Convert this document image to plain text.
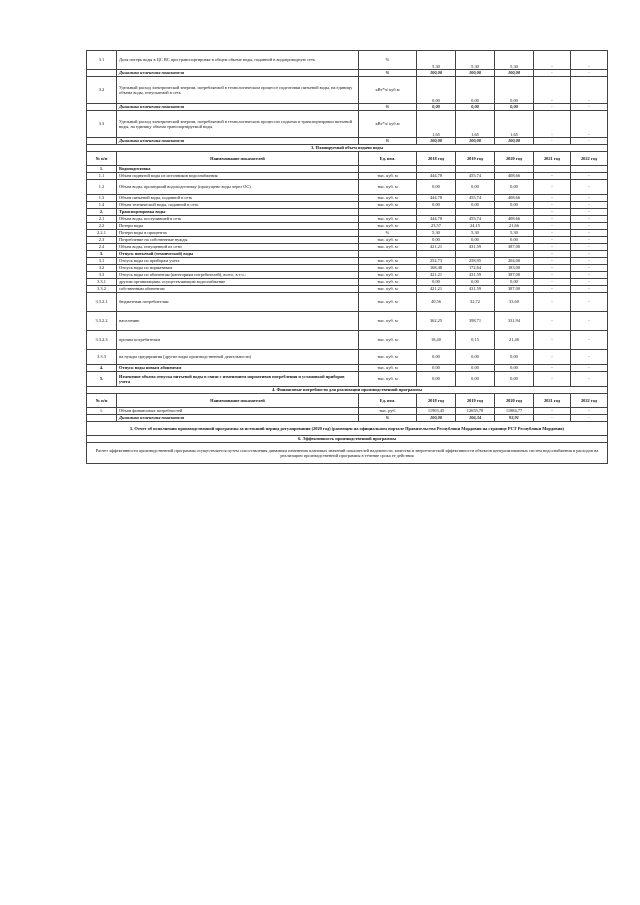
3.1	Доля потерь воды в ЦС ВС при транспортировке в общем объеме воды, поданной в водопроводную сеть	%	5,30	5,30	5,30	-	-
	Динамика изменения показателя	%	100,00	100,00	100,00	-	-
3.2	Удельный расход электрической энергии, потребляемой в технологическом процессе подготовки питьевой воды, на единицу объема воды, отпускаемой в сеть	кВт*ч/ куб.м	0,00	0,00	0,00	-	-
	Динамика изменения показателя	%	0,00	0,00	0,00	-	-
3.3	Удельный расход электрической энергии, потребляемой в технологических процессах подъема и транспортировки питьевой воды, на единицу объема транспортируемой воды	кВт*ч/ куб.м	1,65	1,65	1,65	-	-
	Динамика изменения показателя	%	100,00	100,00	100,00	-	-
3. Планируемый объем подачи воды							
№ п/п	Наименование показателей	Ед. изм.	2018 год	2019 год	2020 год	2021 год	2022 год
1.	Водоподготовка						
1.1	Объем поднятой воды из источников водоснабжения	тыс. куб. м	444,78	455,74	408,66	-	-
1.2	Объем воды, прошедший водоподготовку (пропущено воды через ОС)	тыс. куб. м	0,00	0,00	0,00	-	-
1.3	Объем питьевой воды, поданной в сеть	тыс. куб. м	444,78	455,74	408,66	-	-
1.4	Объем технической воды, поданной в сеть	тыс. куб. м	0,00	0,00	0,00	-	-
2.	Транспортировка воды					-	-
2.1	Объем воды, поступившей в сеть	тыс. куб. м	444,78	455,74	408,66	-	-
2.2	Потери воды	тыс. куб. м	23,57	24,15	21,66	-	-
2.2.1	Потери воды в процентах	%	5,30	5,30	5,30	-	-
2.3	Потребление на собственные нужды	тыс. куб. м	0,00	0,00	0,00	-	-
2.4	Объем воды, отпущенной из сети	тыс. куб. м	421,21	431,59	387,00	-	-
3.	Отпуск питьевой (технической) воды					-	-
3.1	Отпуск воды по приборам учета	тыс. куб. м	252,73	258,95	204,00	-	-
3.2	Отпуск воды по нормативам	тыс. куб. м	168,48	172,64	183,00	-	-
3.3	Отпуск воды по абонентам (категориям потребителей), всего, в т.ч.:	тыс. куб. м	421,21	431,59	387,00	-	-
3.3.1	другим организациям, осуществляющим водоснабжение	тыс. куб. м	0,00	0,00	0,00	-	-
3.3.2	собственным абонентам	тыс. куб. м	421,21	431,59	387,00	-	-
3.3.2.1	бюджетным потребителям	тыс. куб. м	40,56	32,72	33,60	-	-
3.3.2.2	населению	тыс. куб. м	362,25	398,71	331,94	-	-
3.3.2.3	прочим потребителям	тыс. куб. м	18,40	0,15	21,46	-	-
3.3.3	на нужды предприятия (другие виды производственной деятельности)	тыс. куб. м	0,00	0,00	0,00	-	-
4.	Отпуск воды новым абонентам	тыс. куб. м	0,00	0,00	0,00	-	-
5.	Изменение объема отпуска питьевой воды в связи с изменением нормативов потребления и установкой приборов учета	тыс. куб. м	0,00	0,00	0,00	-	-
4. Финансовые потребности для реализации производственной программы							
№ п/п	Наименование показателей	Ед. изм.	2018 год	2019 год	2020 год	2021 год	2022 год
1.	Объем финансовых потребностей	тыс. руб.	11903,45	12655,78	11884,77	-	-
	Динамика изменения показателя	%	100,00	106,34	93,91	-	-
5. Отчет об исполнении производственной программы за истекший период регулирования (2020 год) (размещен на официальном портале Правительства Республики Мордовия на странице РСТ Республики Мордовия)							
6. Эффективность производственной программы							
Расчет эффективности производственной программы осуществляется путем сопоставления динамики изменения плановых значений показателей надежности, качества и энергетической эффективности объектов централизованных систем водоснабжения и расходов на реализацию производственной программы в течение срока ее действия							
